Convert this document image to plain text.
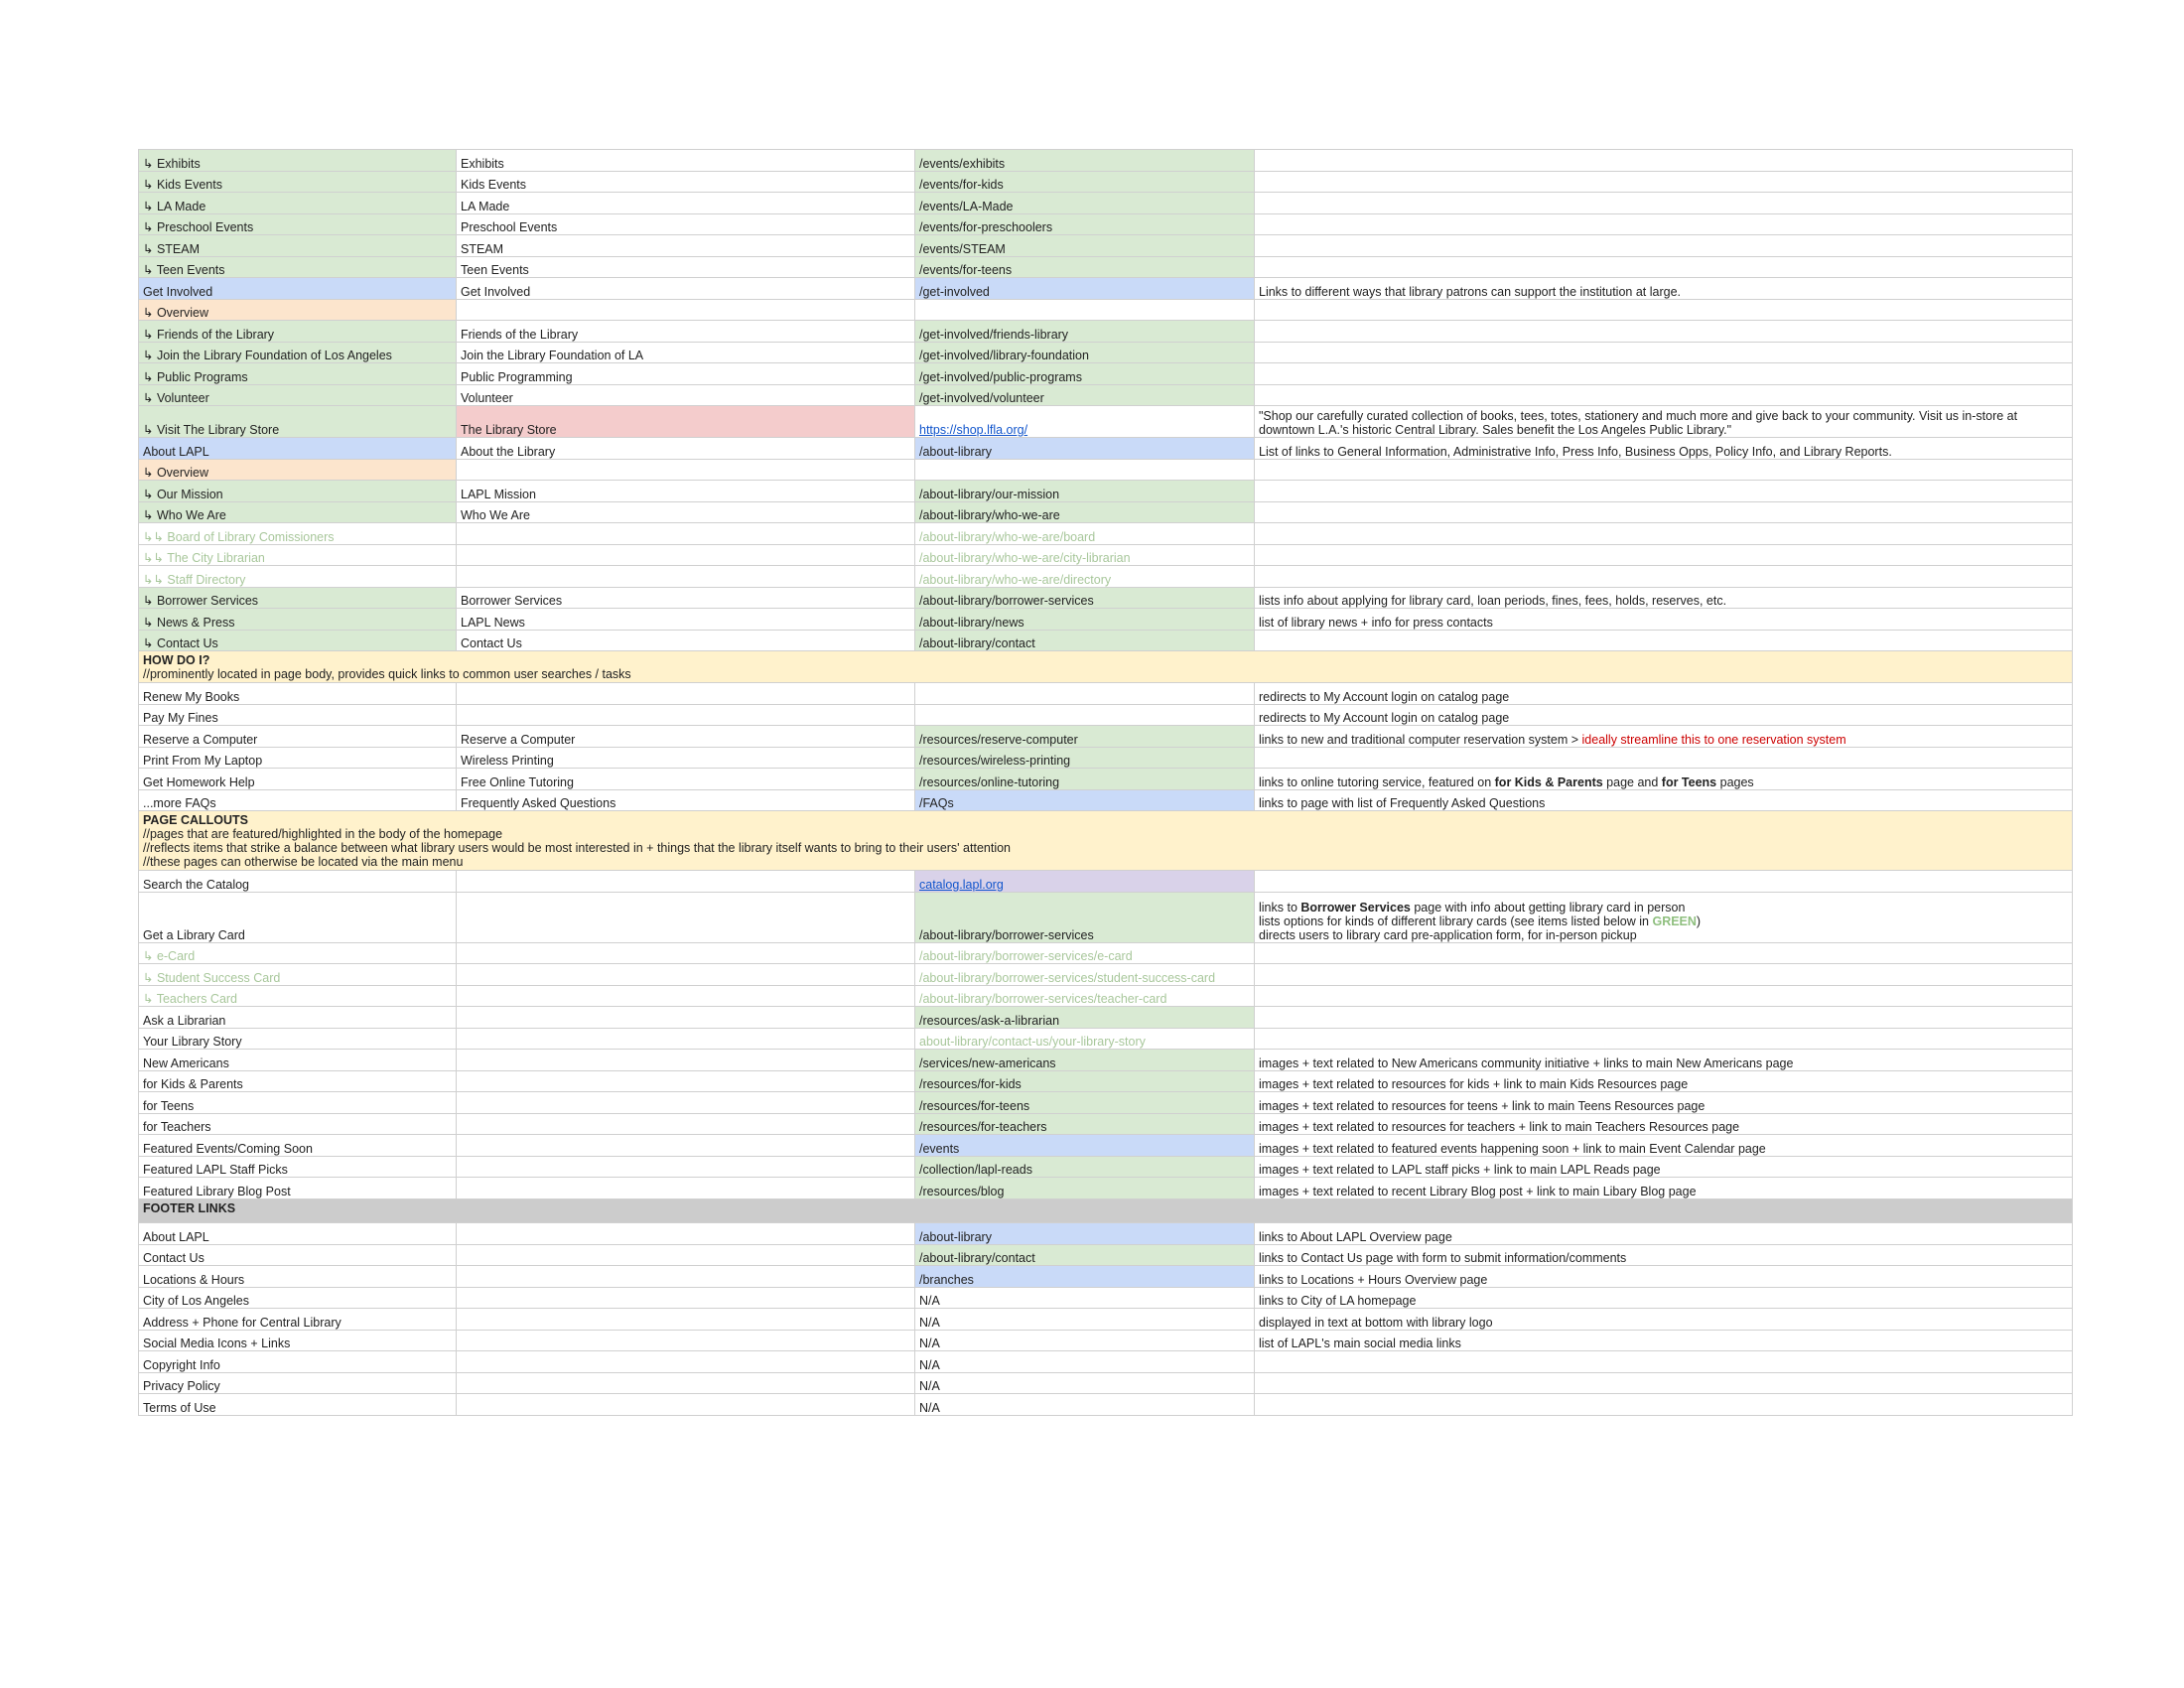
↳ Exhibits	Exhibits	/events/exhibits	
↳ Kids Events	Kids Events	/events/for-kids	
↳ LA Made	LA Made	/events/LA-Made	
↳ Preschool Events	Preschool Events	/events/for-preschoolers	
↳ STEAM	STEAM	/events/STEAM	
↳ Teen Events	Teen Events	/events/for-teens	
Get Involved	Get Involved	/get-involved	Links to different ways that library patrons can support the institution at large.
↳ Overview			
↳ Friends of the Library	Friends of the Library	/get-involved/friends-library	
↳ Join the Library Foundation of Los Angeles	Join the Library Foundation of LA	/get-involved/library-foundation	
↳ Public Programs	Public Programming	/get-involved/public-programs	
↳ Volunteer	Volunteer	/get-involved/volunteer	
↳ Visit The Library Store	The Library Store	https://shop.lfla.org/	"Shop our carefully curated collection of books, tees, totes, stationery and much more and give back to your community. Visit us in-store at downtown L.A.'s historic Central Library. Sales benefit the Los Angeles Public Library."
About LAPL	About the Library	/about-library	List of links to General Information, Administrative Info, Press Info, Business Opps, Policy Info, and Library Reports.
↳ Overview			
↳ Our Mission	LAPL Mission	/about-library/our-mission	
↳ Who We Are	Who We Are	/about-library/who-we-are	
↳↳ Board of Library Comissioners		/about-library/who-we-are/board	
↳↳ The City Librarian		/about-library/who-we-are/city-librarian	
↳↳ Staff Directory		/about-library/who-we-are/directory	
↳ Borrower Services	Borrower Services	/about-library/borrower-services	lists info about applying for library card, loan periods, fines, fees, holds, reserves, etc.
↳ News & Press	LAPL News	/about-library/news	list of library news + info for press contacts
↳ Contact Us	Contact Us	/about-library/contact	

HOW DO I?
//prominently located in page body, provides quick links to common user searches / tasks			

Renew My Books			redirects to My Account login on catalog page
Pay My Fines			redirects to My Account login on catalog page
Reserve a Computer	Reserve a Computer	/resources/reserve-computer	links to new and traditional computer reservation system > ideally streamline this to one reservation system
Print From My Laptop	Wireless Printing	/resources/wireless-printing	
Get Homework Help	Free Online Tutoring	/resources/online-tutoring	links to online tutoring service, featured on for Kids & Parents page and for Teens pages
...more FAQs	Frequently Asked Questions	/FAQs	links to page with list of Frequently Asked Questions

PAGE CALLOUTS
//pages that are featured/highlighted in the body of the homepage
//reflects items that strike a balance between what library users would be most interested in + things that the library itself wants to bring to their users' attention
//these pages can otherwise be located via the main menu			

Search the Catalog		catalog.lapl.org	
Get a Library Card		/about-library/borrower-services	links to Borrower Services page with info about getting library card in person
lists options for kinds of different library cards (see items listed below in GREEN)
directs users to library card pre-application form, for in-person pickup

↳ e-Card		/about-library/borrower-services/e-card	
↳ Student Success Card		/about-library/borrower-services/student-success-card	
↳ Teachers Card		/about-library/borrower-services/teacher-card	
Ask a Librarian		/resources/ask-a-librarian	
Your Library Story		about-library/contact-us/your-library-story	
New Americans		/services/new-americans	images + text related to New Americans community initiative + links to main New Americans page
for Kids & Parents		/resources/for-kids	images + text related to resources for kids + link to main Kids Resources page
for Teens		/resources/for-teens	images + text related to resources for teens + link to main Teens Resources page
for Teachers		/resources/for-teachers	images + text related to resources for teachers + link to main Teachers Resources page
Featured Events/Coming Soon		/events	images + text related to featured events happening soon + link to main Event Calendar page
Featured LAPL Staff Picks		/collection/lapl-reads	images + text related to LAPL staff picks + link to main LAPL Reads page
Featured Library Blog Post		/resources/blog	images + text related to recent Library Blog post + link to main Libary Blog page

FOOTER LINKS			

About LAPL		/about-library	links to About LAPL Overview page
Contact Us		/about-library/contact	links to Contact Us page with form to submit information/comments
Locations & Hours		/branches	links to Locations + Hours Overview page
City of Los Angeles		N/A	links to City of LA homepage
Address + Phone for Central Library		N/A	displayed in text at bottom with library logo
Social Media Icons + Links		N/A	list of LAPL's main social media links
Copyright Info		N/A	
Privacy Policy		N/A	
Terms of Use		N/A	
